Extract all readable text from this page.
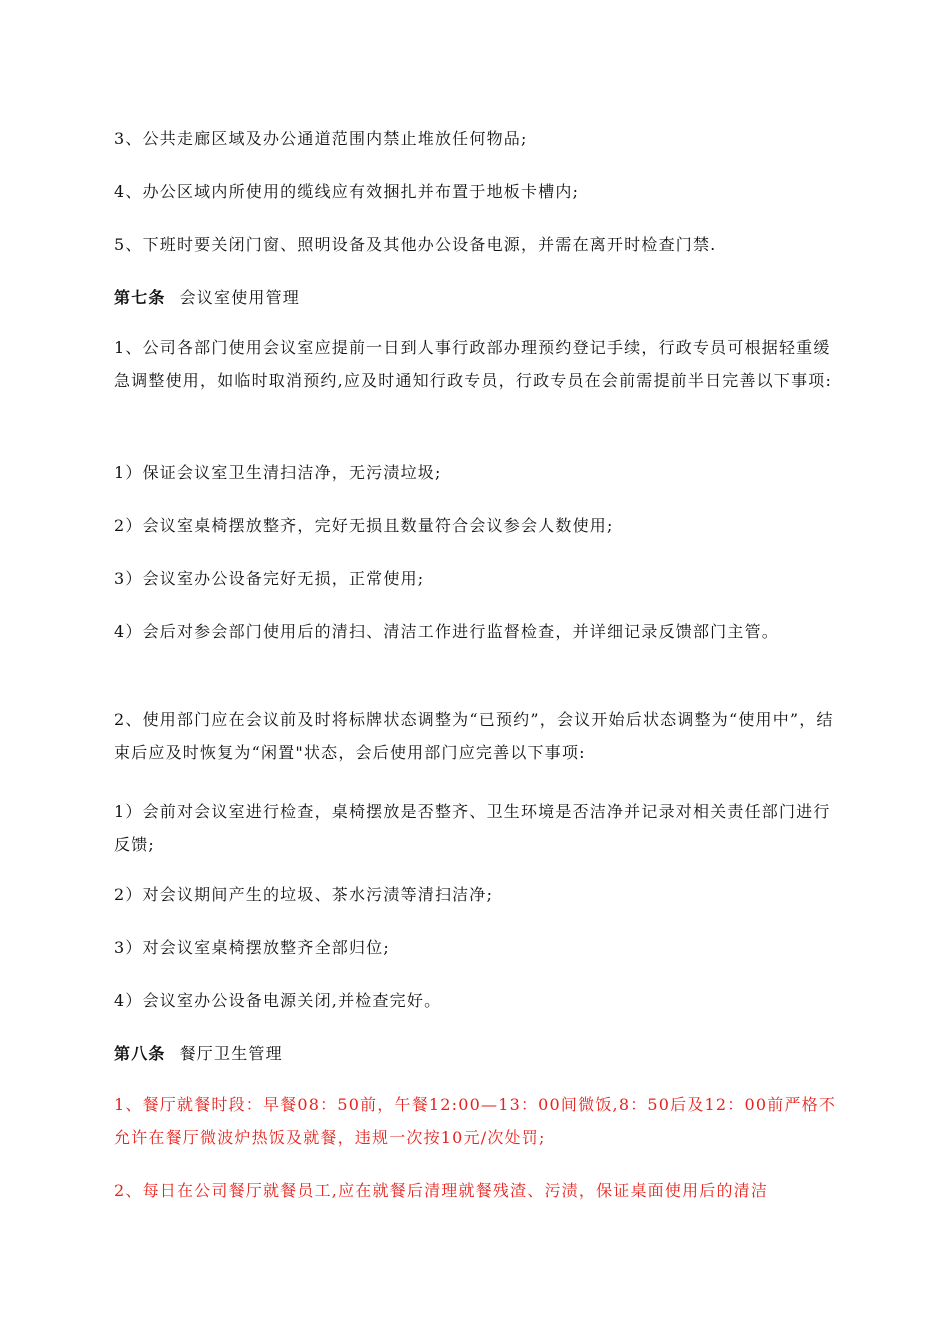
3、公共走廊区域及办公通道范围内禁止堆放任何物品;

4、办公区域内所使用的缆线应有效捆扎并布置于地板卡槽内;

5、下班时要关闭门窗、照明设备及其他办公设备电源，并需在离开时检查门禁.

第七条 会议室使用管理

1、公司各部门使用会议室应提前一日到人事行政部办理预约登记手续，行政专员可根据轻重缓急调整使用，如临时取消预约,应及时通知行政专员，行政专员在会前需提前半日完善以下事项:

1）保证会议室卫生清扫洁净，无污渍垃圾;

2）会议室桌椅摆放整齐，完好无损且数量符合会议参会人数使用;

3）会议室办公设备完好无损，正常使用;

4）会后对参会部门使用后的清扫、清洁工作进行监督检查，并详细记录反馈部门主管。

2、使用部门应在会议前及时将标牌状态调整为“已预约”，会议开始后状态调整为“使用中”，结束后应及时恢复为“闲置"状态，会后使用部门应完善以下事项:

1）会前对会议室进行检查，桌椅摆放是否整齐、卫生环境是否洁净并记录对相关责任部门进行反馈;

2）对会议期间产生的垃圾、茶水污渍等清扫洁净;

3）对会议室桌椅摆放整齐全部归位;

4）会议室办公设备电源关闭,并检查完好。

第八条 餐厅卫生管理

1、餐厅就餐时段：早餐08：50前，午餐12:00—13：00间微饭,8：50后及12：00前严格不允许在餐厅微波炉热饭及就餐，违规一次按10元/次处罚;

2、每日在公司餐厅就餐员工,应在就餐后清理就餐残渣、污渍，保证桌面使用后的清洁
